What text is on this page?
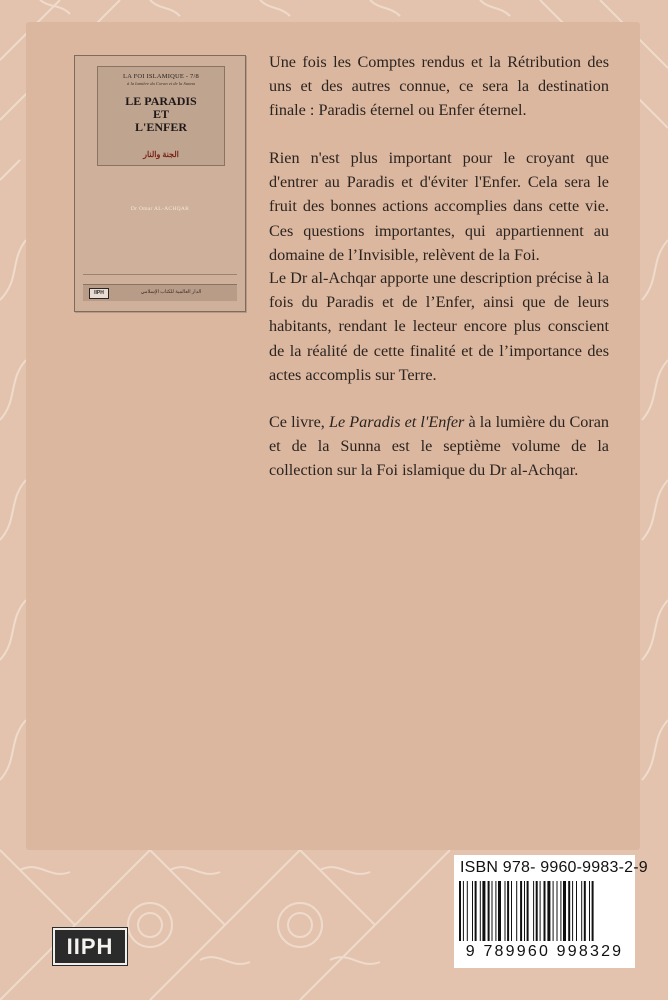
LA FOI ISLAMIQUE - 7/8
à la lumière du Coran et de la Sunna
LE PARADIS
ET
L'ENFER
الجنة والنار
Dr Omar AL-ACHQAR
IIPH	الدار العالمية للكتاب الإسلامي

Une fois les Comptes rendus et la Rétribution des uns et des autres connue, ce sera la destination finale : Paradis éternel ou Enfer éternel.

Rien n'est plus important pour le croyant que d'entrer au Paradis et d'éviter l'Enfer. Cela sera le fruit des bonnes actions accomplies dans cette vie. Ces questions importantes, qui appartiennent au domaine de l’Invisible, relèvent de la Foi.

Le Dr al-Achqar apporte une description précise à la fois du Paradis et de l’Enfer, ainsi que de leurs habitants, rendant le lecteur encore plus conscient de la réalité de cette finalité et de l’importance des actes accomplis sur Terre.

Ce livre, Le Paradis et l'Enfer à la lumière du Coran et de la Sunna est le septième volume de la collection sur la Foi islamique du Dr al-Achqar.

ISBN 978- 9960-9983-2-9
9 789960 998329
IIPH
